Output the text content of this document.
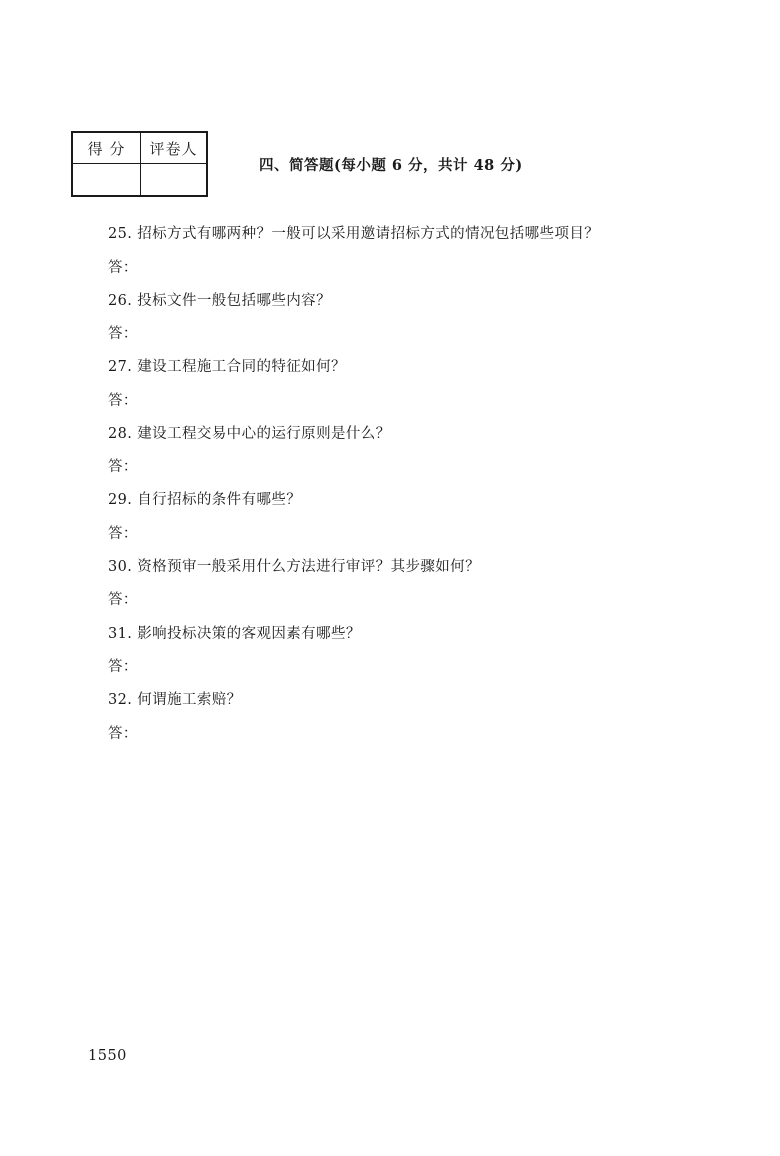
得 分	评卷人
四、简答题(每小题 6 分，共计 48 分)
25. 招标方式有哪两种？一般可以采用邀请招标方式的情况包括哪些项目？
答：
26. 投标文件一般包括哪些内容？
答：
27. 建设工程施工合同的特征如何？
答：
28. 建设工程交易中心的运行原则是什么？
答：
29. 自行招标的条件有哪些？
答：
30. 资格预审一般采用什么方法进行审评？其步骤如何？
答：
31. 影响投标决策的客观因素有哪些？
答：
32. 何谓施工索赔？
答：
1550
